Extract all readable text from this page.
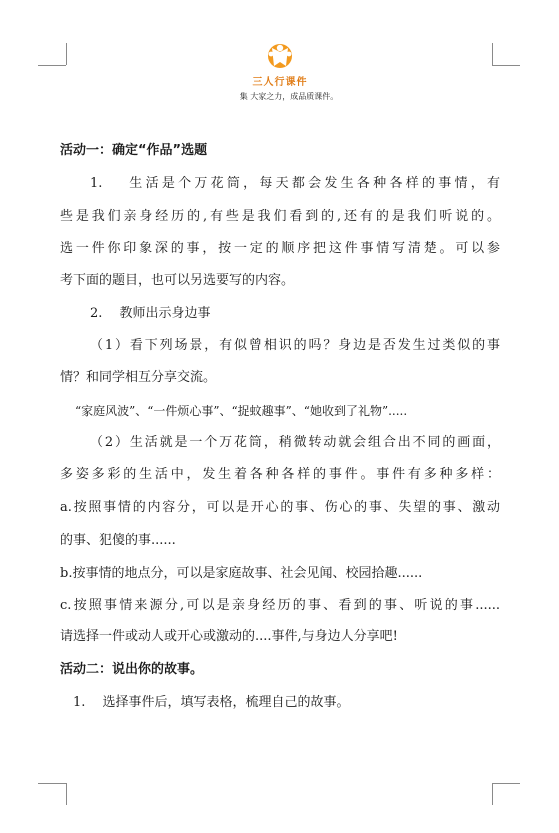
三人行课件
集 大家之力，成品质课件。
活动一：确定“作品”选题
1.　 生活是个万花筒，每天都会发生各种各样的事情，有
些是我们亲身经历的,有些是我们看到的,还有的是我们听说的。
选一件你印象深的事，按一定的顺序把这件事情写清楚。可以参
考下面的题目，也可以另选要写的内容。
2.　 教师出示身边事
（1）看下列场景，有似曾相识的吗？身边是否发生过类似的事
情？和同学相互分享交流。
“家庭风波”、“一件烦心事”、“捉蚊趣事”、“她收到了礼物”.....
（2）生活就是一个万花筒，稍微转动就会组合出不同的画面，
多姿多彩的生活中，发生着各种各样的事件。事件有多种多样：
a.按照事情的内容分，可以是开心的事、伤心的事、失望的事、激动
的事、犯傻的事......
b.按事情的地点分，可以是家庭故事、社会见闻、校园拾趣......
c.按照事情来源分,可以是亲身经历的事、看到的事、听说的事......
请选择一件或动人或开心或激动的....事件,与身边人分享吧!
活动二：说出你的故事。
1.　 选择事件后，填写表格，梳理自己的故事。
